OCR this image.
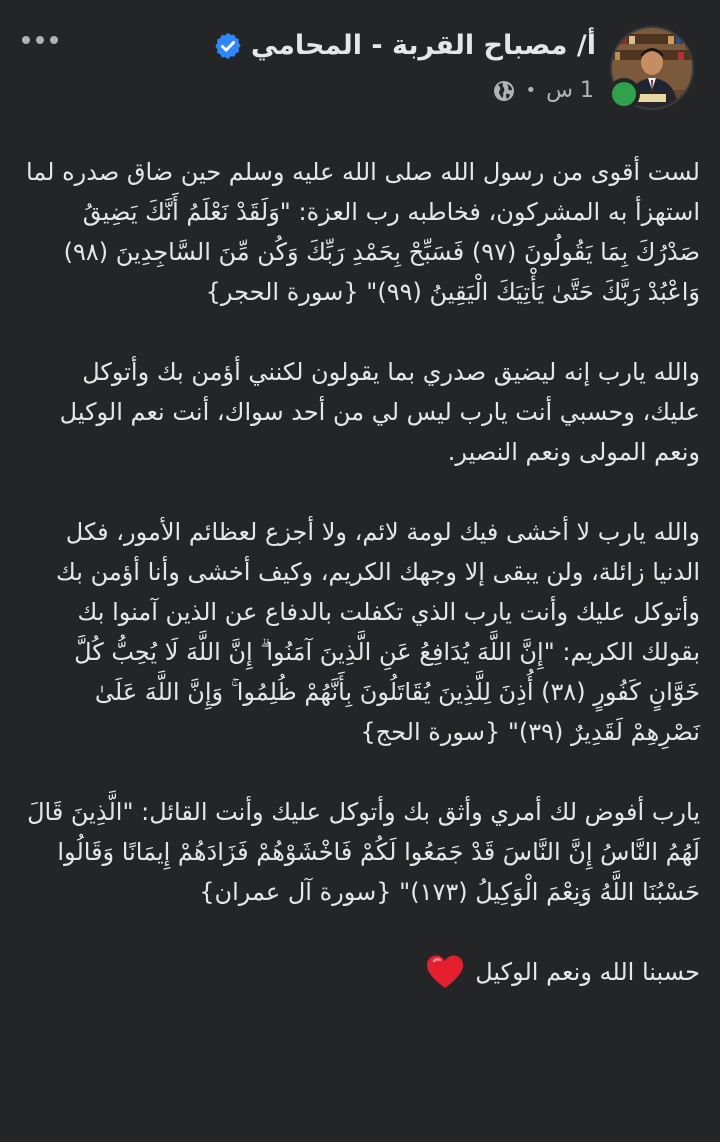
أ/ مصباح القربة - المحامي
1 س
•

لست أقوى من رسول الله صلى الله عليه وسلم حين ضاق صدره لما استهزأ به المشركون، فخاطبه رب العزة: "وَلَقَدْ نَعْلَمُ أَنَّكَ يَضِيقُ صَدْرُكَ بِمَا يَقُولُونَ (٩٧) فَسَبِّحْ بِحَمْدِ رَبِّكَ وَكُن مِّنَ السَّاجِدِينَ (٩٨) وَاعْبُدْ رَبَّكَ حَتَّىٰ يَأْتِيَكَ الْيَقِينُ (٩٩)" {سورة الحجر}

والله يارب إنه ليضيق صدري بما يقولون لكنني أؤمن بك وأتوكل عليك، وحسبي أنت يارب ليس لي من أحد سواك، أنت نعم الوكيل ونعم المولى ونعم النصير.

والله يارب لا أخشى فيك لومة لائم، ولا أجزع لعظائم الأمور، فكل الدنيا زائلة، ولن يبقى إلا وجهك الكريم، وكيف أخشى وأنا أؤمن بك وأتوكل عليك وأنت يارب الذي تكفلت بالدفاع عن الذين آمنوا بك بقولك الكريم: "إِنَّ اللَّهَ يُدَافِعُ عَنِ الَّذِينَ آمَنُوا ۗ إِنَّ اللَّهَ لَا يُحِبُّ كُلَّ خَوَّانٍ كَفُورٍ (٣٨) أُذِنَ لِلَّذِينَ يُقَاتَلُونَ بِأَنَّهُمْ ظُلِمُوا ۚ وَإِنَّ اللَّهَ عَلَىٰ نَصْرِهِمْ لَقَدِيرٌ (٣٩)" {سورة الحج}

يارب أفوض لك أمري وأثق بك وأتوكل عليك وأنت القائل: "الَّذِينَ قَالَ لَهُمُ النَّاسُ إِنَّ النَّاسَ قَدْ جَمَعُوا لَكُمْ فَاخْشَوْهُمْ فَزَادَهُمْ إِيمَانًا وَقَالُوا حَسْبُنَا اللَّهُ وَنِعْمَ الْوَكِيلُ (١٧٣)" {سورة آل عمران}

حسبنا الله ونعم الوكيل
